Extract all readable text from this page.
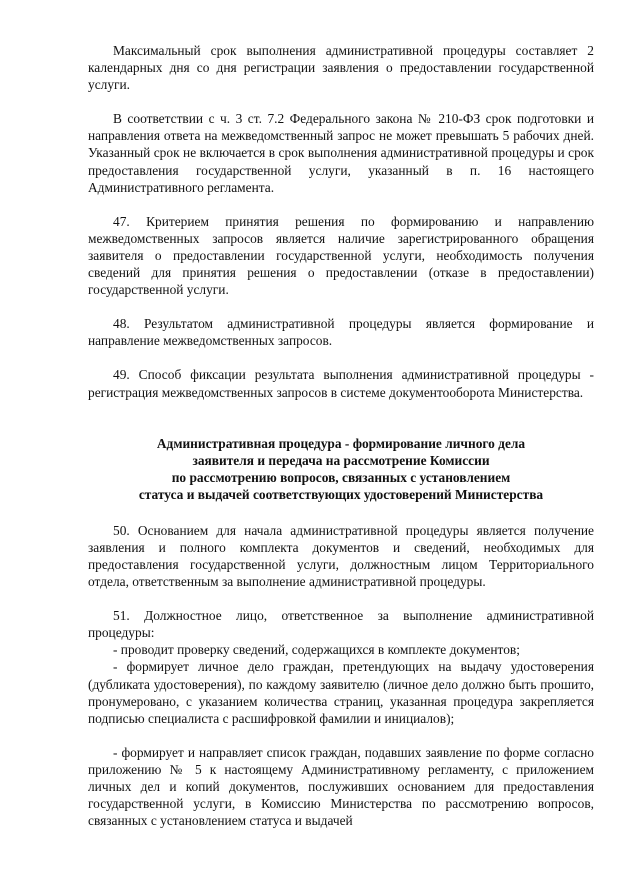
Максимальный срок выполнения административной процедуры составляет 2 календарных дня со дня регистрации заявления о предоставлении государственной услуги.

В соответствии с ч. 3 ст. 7.2 Федерального закона № 210-ФЗ срок подготовки и направления ответа на межведомственный запрос не может превышать 5 рабочих дней. Указанный срок не включается в срок выполнения административной процедуры и срок предоставления государственной услуги, указанный в п. 16 настоящего Административного регламента.

47. Критерием принятия решения по формированию и направлению межведомственных запросов является наличие зарегистрированного обращения заявителя о предоставлении государственной услуги, необходимость получения сведений для принятия решения о предоставлении (отказе в предоставлении) государственной услуги.

48. Результатом административной процедуры является формирование и направление межведомственных запросов.

49. Способ фиксации результата выполнения административной процедуры - регистрация межведомственных запросов в системе документооборота Министерства.

Административная процедура - формирование личного дела
заявителя и передача на рассмотрение Комиссии
по рассмотрению вопросов, связанных с установлением
статуса и выдачей соответствующих удостоверений Министерства

50. Основанием для начала административной процедуры является получение заявления и полного комплекта документов и сведений, необходимых для предоставления государственной услуги, должностным лицом Территориального отдела, ответственным за выполнение административной процедуры.

51. Должностное лицо, ответственное за выполнение административной процедуры:

- проводит проверку сведений, содержащихся в комплекте документов;

- формирует личное дело граждан, претендующих на выдачу удостоверения (дубликата удостоверения), по каждому заявителю (личное дело должно быть прошито, пронумеровано, с указанием количества страниц, указанная процедура закрепляется подписью специалиста с расшифровкой фамилии и инициалов);

- формирует и направляет список граждан, подавших заявление по форме согласно приложению № 5 к настоящему Административному регламенту, с приложением личных дел и копий документов, послуживших основанием для предоставления государственной услуги, в Комиссию Министерства по рассмотрению вопросов, связанных с установлением статуса и выдачей
